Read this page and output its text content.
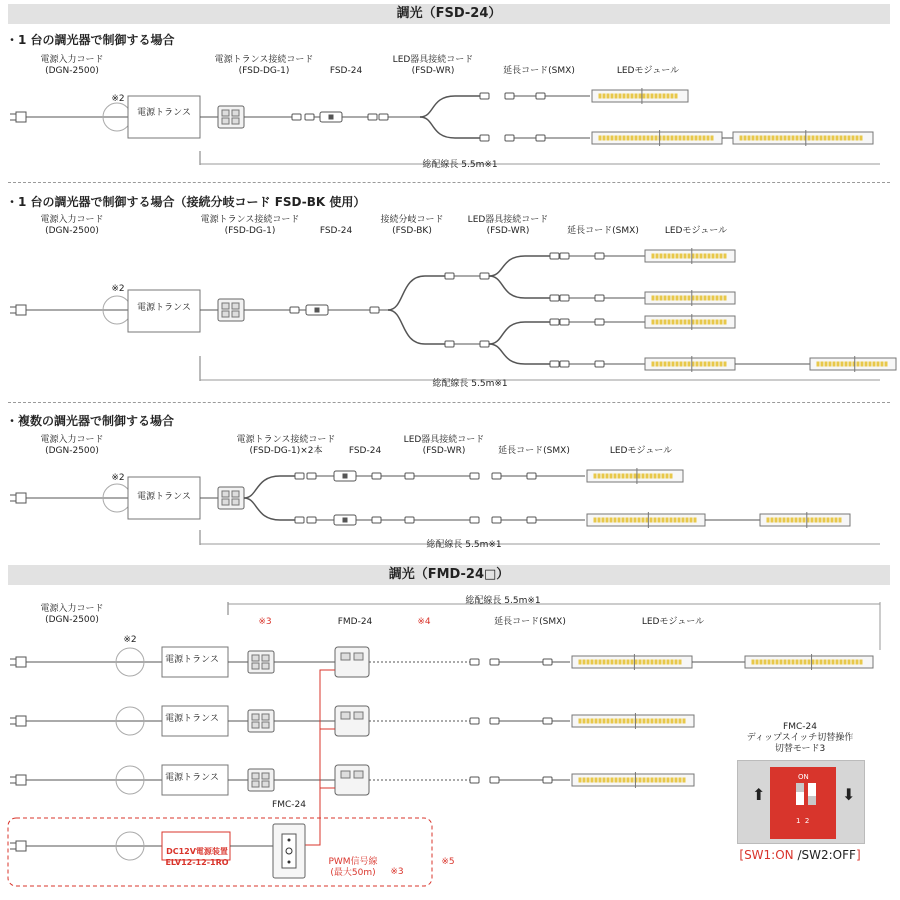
調光（FSD-24）
調光（FMD-24□）
・1 台の調光器で制御する場合
・1 台の調光器で制御する場合（接続分岐コード FSD-BK 使用）
・複数の調光器で制御する場合
電源入力コード
(DGN-2500)
※2
電源トランス接続コード
(FSD-DG-1)	FSD-24
LED器具接続コード
(FSD-WR)	延長コード(SMX)	LEDモジュール
総配線長 5.5m※1
電源入力コード
(DGN-2500)
※2
電源トランス接続コード
(FSD-DG-1)	FSD-24
接続分岐コード
(FSD-BK)
LED器具接続コード
(FSD-WR)	延長コード(SMX)	LEDモジュール
総配線長 5.5m※1
電源入力コード
(DGN-2500)
※2
電源トランス接続コード
(FSD-DG-1)×2本	FSD-24
LED器具接続コード
(FSD-WR)	延長コード(SMX)	LEDモジュール
総配線長 5.5m※1
電源入力コード
(DGN-2500)
総配線長 5.5m※1
※2
※3	FMD-24	※4	延長コード(SMX)	LEDモジュール
FMC-24
PWM信号線
(最大50m) ※3
※5
電源トランス
電源トランス
電源トランス
電源トランス
電源トランス
電源トランス
DC12V電源装置
ELV12-12-1RO
FMC-24
ディップスイッチ切替操作
切替モード3
ON
1  2
⬆	⬇
[SW1:ON /SW2:OFF]
